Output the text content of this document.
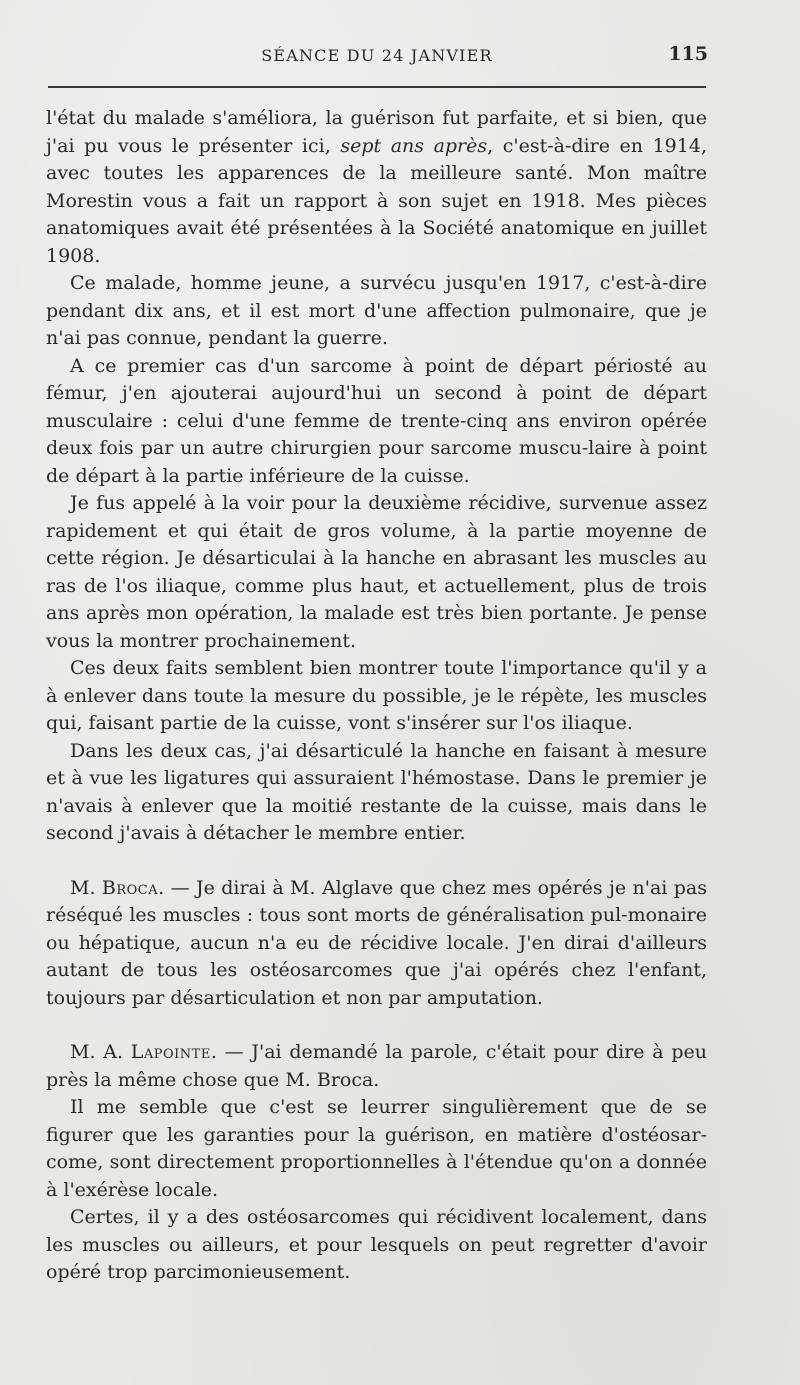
SÉANCE DU 24 JANVIER	115

l'état du malade s'améliora, la guérison fut parfaite, et si bien, que j'ai pu vous le présenter ici, sept ans après, c'est-à-dire en 1914, avec toutes les apparences de la meilleure santé. Mon maître Morestin vous a fait un rapport à son sujet en 1918. Mes pièces anatomiques avait été présentées à la Société anatomique en juillet 1908.

Ce malade, homme jeune, a survécu jusqu'en 1917, c'est-à-dire pendant dix ans, et il est mort d'une affection pulmonaire, que je n'ai pas connue, pendant la guerre.

A ce premier cas d'un sarcome à point de départ périosté au fémur, j'en ajouterai aujourd'hui un second à point de départ musculaire : celui d'une femme de trente-cinq ans environ opérée deux fois par un autre chirurgien pour sarcome muscu-laire à point de départ à la partie inférieure de la cuisse.

Je fus appelé à la voir pour la deuxième récidive, survenue assez rapidement et qui était de gros volume, à la partie moyenne de cette région. Je désarticulai à la hanche en abrasant les muscles au ras de l'os iliaque, comme plus haut, et actuellement, plus de trois ans après mon opération, la malade est très bien portante. Je pense vous la montrer prochainement.

Ces deux faits semblent bien montrer toute l'importance qu'il y a à enlever dans toute la mesure du possible, je le répète, les muscles qui, faisant partie de la cuisse, vont s'insérer sur l'os iliaque.

Dans les deux cas, j'ai désarticulé la hanche en faisant à mesure et à vue les ligatures qui assuraient l'hémostase. Dans le premier je n'avais à enlever que la moitié restante de la cuisse, mais dans le second j'avais à détacher le membre entier.

M. Broca. — Je dirai à M. Alglave que chez mes opérés je n'ai pas réséqué les muscles : tous sont morts de généralisation pul-monaire ou hépatique, aucun n'a eu de récidive locale. J'en dirai d'ailleurs autant de tous les ostéosarcomes que j'ai opérés chez l'enfant, toujours par désarticulation et non par amputation.

M. A. Lapointe. — J'ai demandé la parole, c'était pour dire à peu près la même chose que M. Broca.

Il me semble que c'est se leurrer singulièrement que de se figurer que les garanties pour la guérison, en matière d'ostéosar-come, sont directement proportionnelles à l'étendue qu'on a donnée à l'exérèse locale.

Certes, il y a des ostéosarcomes qui récidivent localement, dans les muscles ou ailleurs, et pour lesquels on peut regretter d'avoir opéré trop parcimonieusement.
